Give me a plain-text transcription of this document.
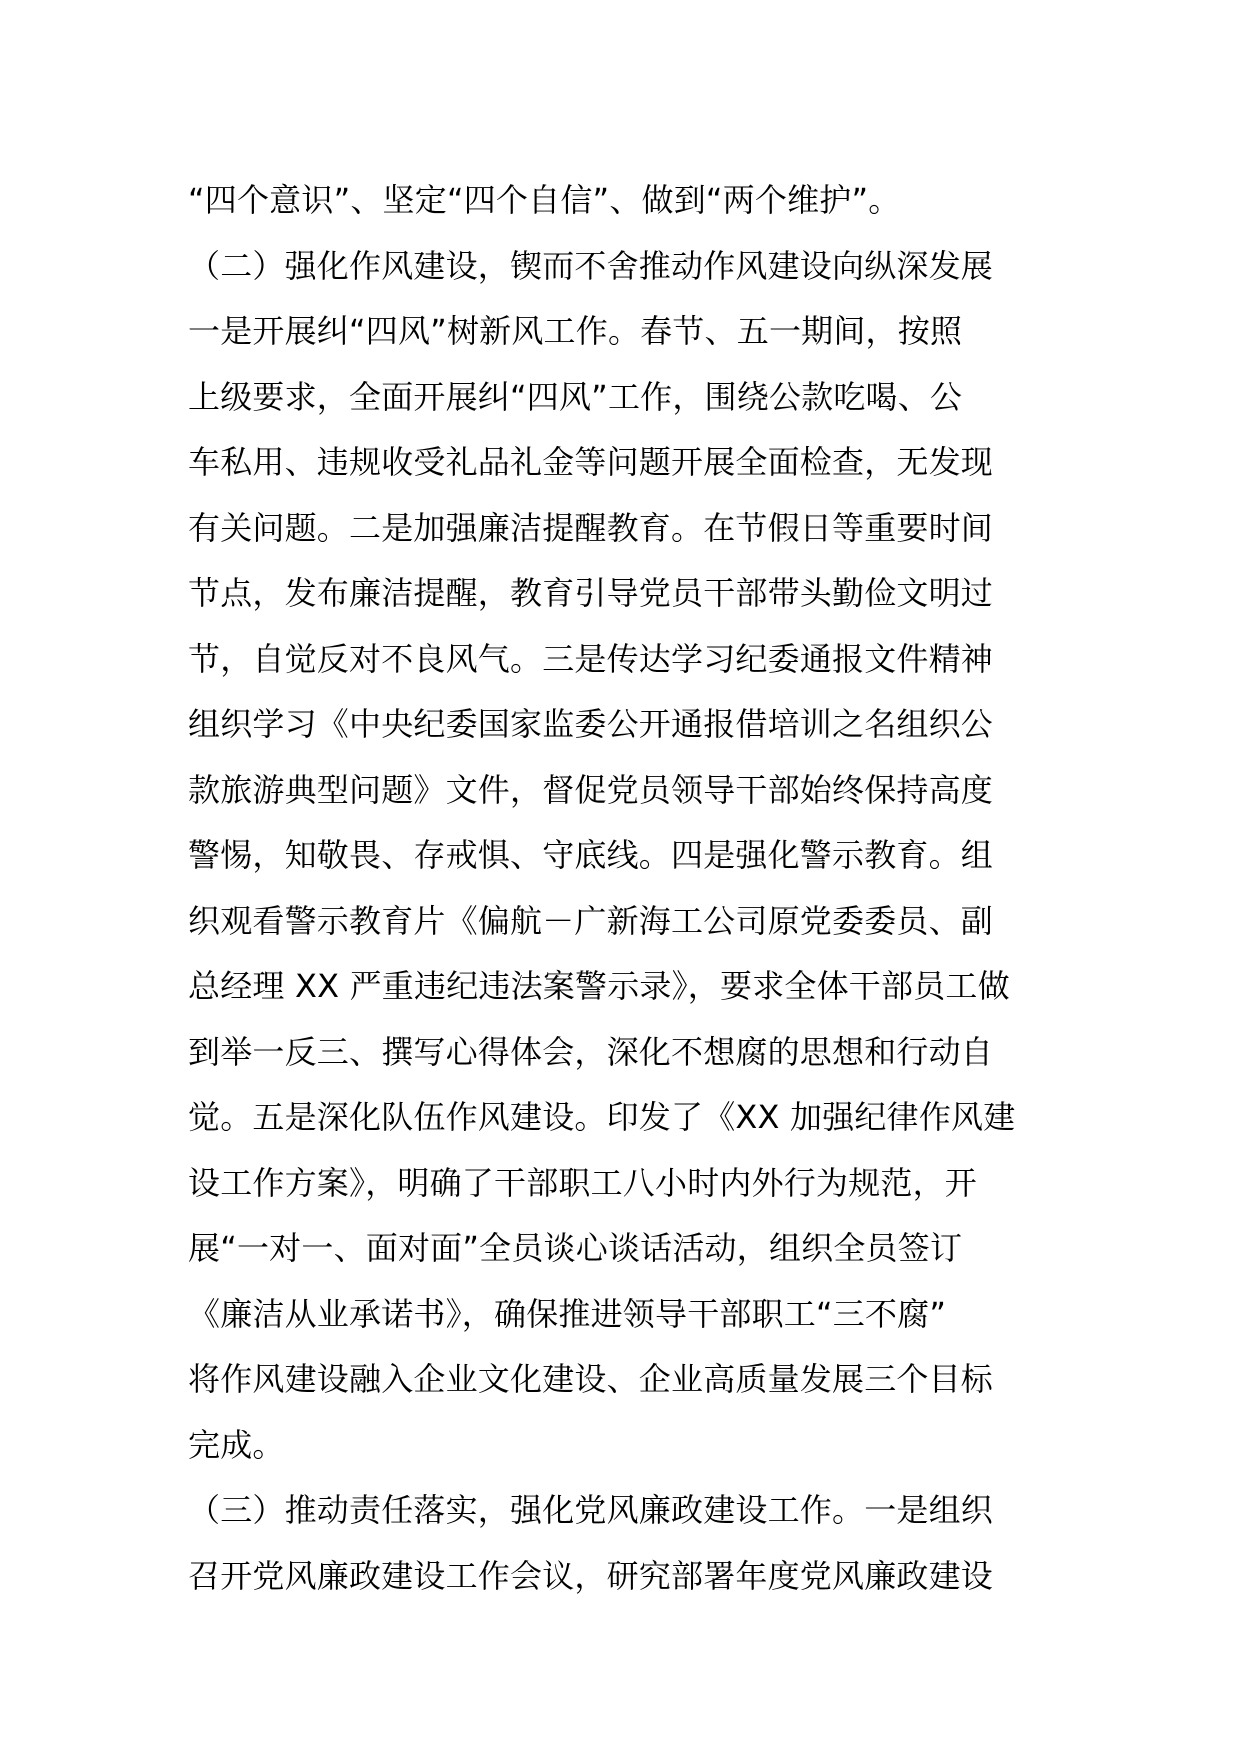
“四个意识”、坚定“四个自信”、做到“两个维护”。
（二）强化作风建设，锲而不舍推动作风建设向纵深发展
一是开展纠“四风”树新风工作。春节、五一期间，按照
上级要求，全面开展纠“四风”工作，围绕公款吃喝、公
车私用、违规收受礼品礼金等问题开展全面检查，无发现
有关问题。二是加强廉洁提醒教育。在节假日等重要时间
节点，发布廉洁提醒，教育引导党员干部带头勤俭文明过
节，自觉反对不良风气。三是传达学习纪委通报文件精神
组织学习《中央纪委国家监委公开通报借培训之名组织公
款旅游典型问题》文件，督促党员领导干部始终保持高度
警惕，知敬畏、存戒惧、守底线。四是强化警示教育。组
织观看警示教育片《偏航－广新海工公司原党委委员、副
总经理 XX 严重违纪违法案警示录》，要求全体干部员工做
到举一反三、撰写心得体会，深化不想腐的思想和行动自
觉。五是深化队伍作风建设。印发了《XX 加强纪律作风建
设工作方案》，明确了干部职工八小时内外行为规范，开
展“一对一、面对面”全员谈心谈话活动，组织全员签订
《廉洁从业承诺书》，确保推进领导干部职工“三不腐”
将作风建设融入企业文化建设、企业高质量发展三个目标
完成。
（三）推动责任落实，强化党风廉政建设工作。一是组织
召开党风廉政建设工作会议，研究部署年度党风廉政建设
